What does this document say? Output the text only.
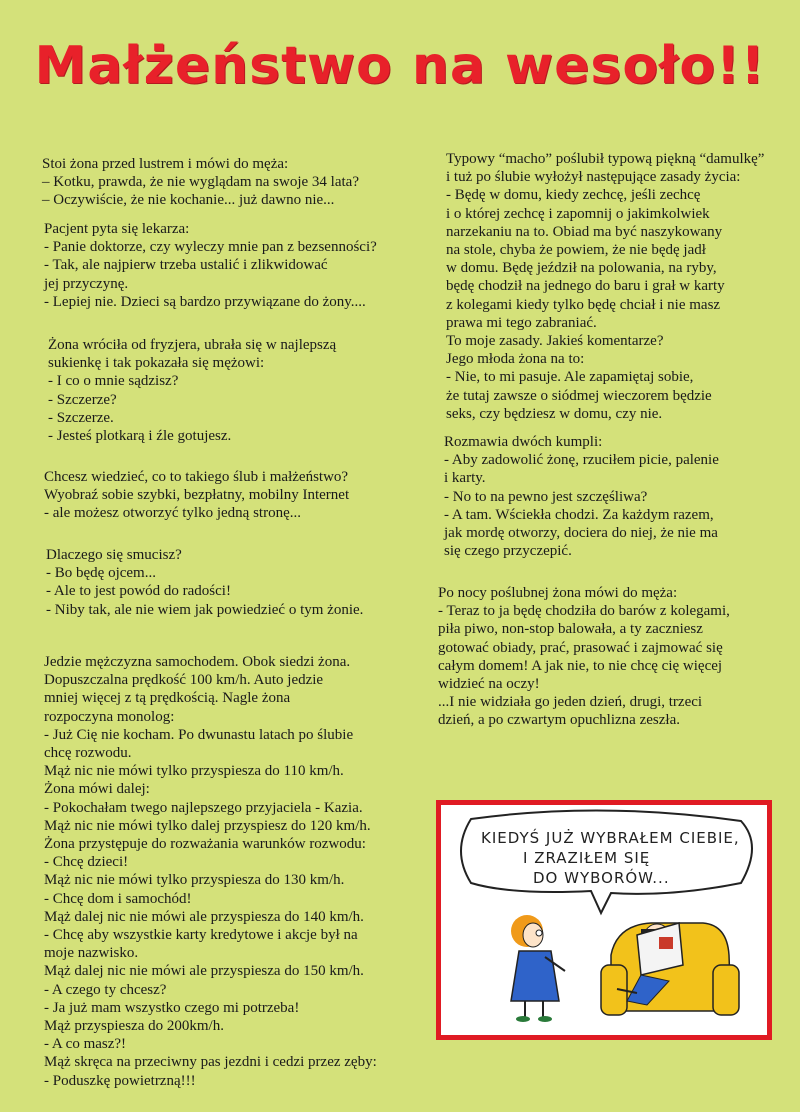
Małżeństwo na wesoło!!

Stoi żona przed lustrem i mówi do męża:

– Kotku, prawda, że nie wyglądam na swoje 34 lata?

– Oczywiście, że nie kochanie... już dawno nie...

Pacjent pyta się lekarza:

- Panie doktorze, czy wyleczy mnie pan z bezsenności?

- Tak, ale najpierw trzeba ustalić i zlikwidować

jej przyczynę.

- Lepiej nie. Dzieci są bardzo przywiązane do żony....

Żona wróciła od fryzjera, ubrała się w najlepszą

sukienkę i tak pokazała się mężowi:

- I co o mnie sądzisz?

- Szczerze?

- Szczerze.

- Jesteś plotkarą i źle gotujesz.

Chcesz wiedzieć, co to takiego ślub i małżeństwo?

Wyobraź sobie szybki, bezpłatny, mobilny Internet

- ale możesz otworzyć tylko jedną stronę...

Dlaczego się smucisz?

- Bo będę ojcem...

- Ale to jest powód do radości!

- Niby tak, ale nie wiem jak powiedzieć o tym żonie.

Jedzie mężczyzna samochodem. Obok siedzi żona.

Dopuszczalna prędkość 100 km/h. Auto jedzie

mniej więcej z tą prędkością. Nagle żona

rozpoczyna monolog:

- Już Cię nie kocham. Po dwunastu latach po ślubie

chcę rozwodu.

Mąż nic nie mówi tylko przyspiesza do 110 km/h.

Żona mówi dalej:

- Pokochałam twego najlepszego przyjaciela - Kazia.

Mąż nic nie mówi tylko dalej przyspiesz do 120 km/h.

Żona przystępuje do rozważania warunków rozwodu:

- Chcę dzieci!

Mąż nic nie mówi tylko przyspiesza do 130 km/h.

- Chcę dom i samochód!

Mąż dalej nic nie mówi ale przyspiesza do 140 km/h.

- Chcę aby wszystkie karty kredytowe i akcje był na

moje nazwisko.

Mąż dalej nic nie mówi ale przyspiesza do 150 km/h.

- A czego ty chcesz?

- Ja już mam wszystko czego mi potrzeba!

Mąż przyspiesza do 200km/h.

- A co masz?!

Mąż skręca na przeciwny pas jezdni i cedzi przez zęby:

- Poduszkę powietrzną!!!

Typowy “macho” poślubił typową piękną “damulkę”

i tuż po ślubie wyłożył następujące zasady życia:

- Będę w domu, kiedy zechcę, jeśli zechcę

i o której zechcę i zapomnij o jakimkolwiek

narzekaniu na to. Obiad ma być naszykowany

na stole, chyba że powiem, że nie będę jadł

w domu. Będę jeździł na polowania, na ryby,

będę chodził na jednego do baru i grał w karty

z kolegami kiedy tylko będę chciał i nie masz

prawa mi tego zabraniać.

To moje zasady. Jakieś komentarze?

Jego młoda żona na to:

- Nie, to mi pasuje. Ale zapamiętaj sobie,

że tutaj zawsze o siódmej wieczorem będzie

seks, czy będziesz w domu, czy nie.

Rozmawia dwóch kumpli:

- Aby zadowolić żonę, rzuciłem picie, palenie

i karty.

- No to na pewno jest szczęśliwa?

- A tam. Wściekła chodzi. Za każdym razem,

jak mordę otworzy, dociera do niej, że nie ma

się czego przyczepić.

Po nocy poślubnej żona mówi do męża:

- Teraz to ja będę chodziła do barów z kolegami,

piła piwo, non-stop balowała, a ty zaczniesz

gotować obiady, prać, prasować i zajmować się

całym domem! A jak nie, to nie chcę cię więcej

widzieć na oczy!

...I nie widziała go jeden dzień, drugi, trzeci

dzień, a po czwartym opuchlizna zeszła.

KIEDYŚ JUŻ WYBRAŁEM CIEBIE,
I ZRAZIŁEM SIĘ
DO WYBORÓW...
